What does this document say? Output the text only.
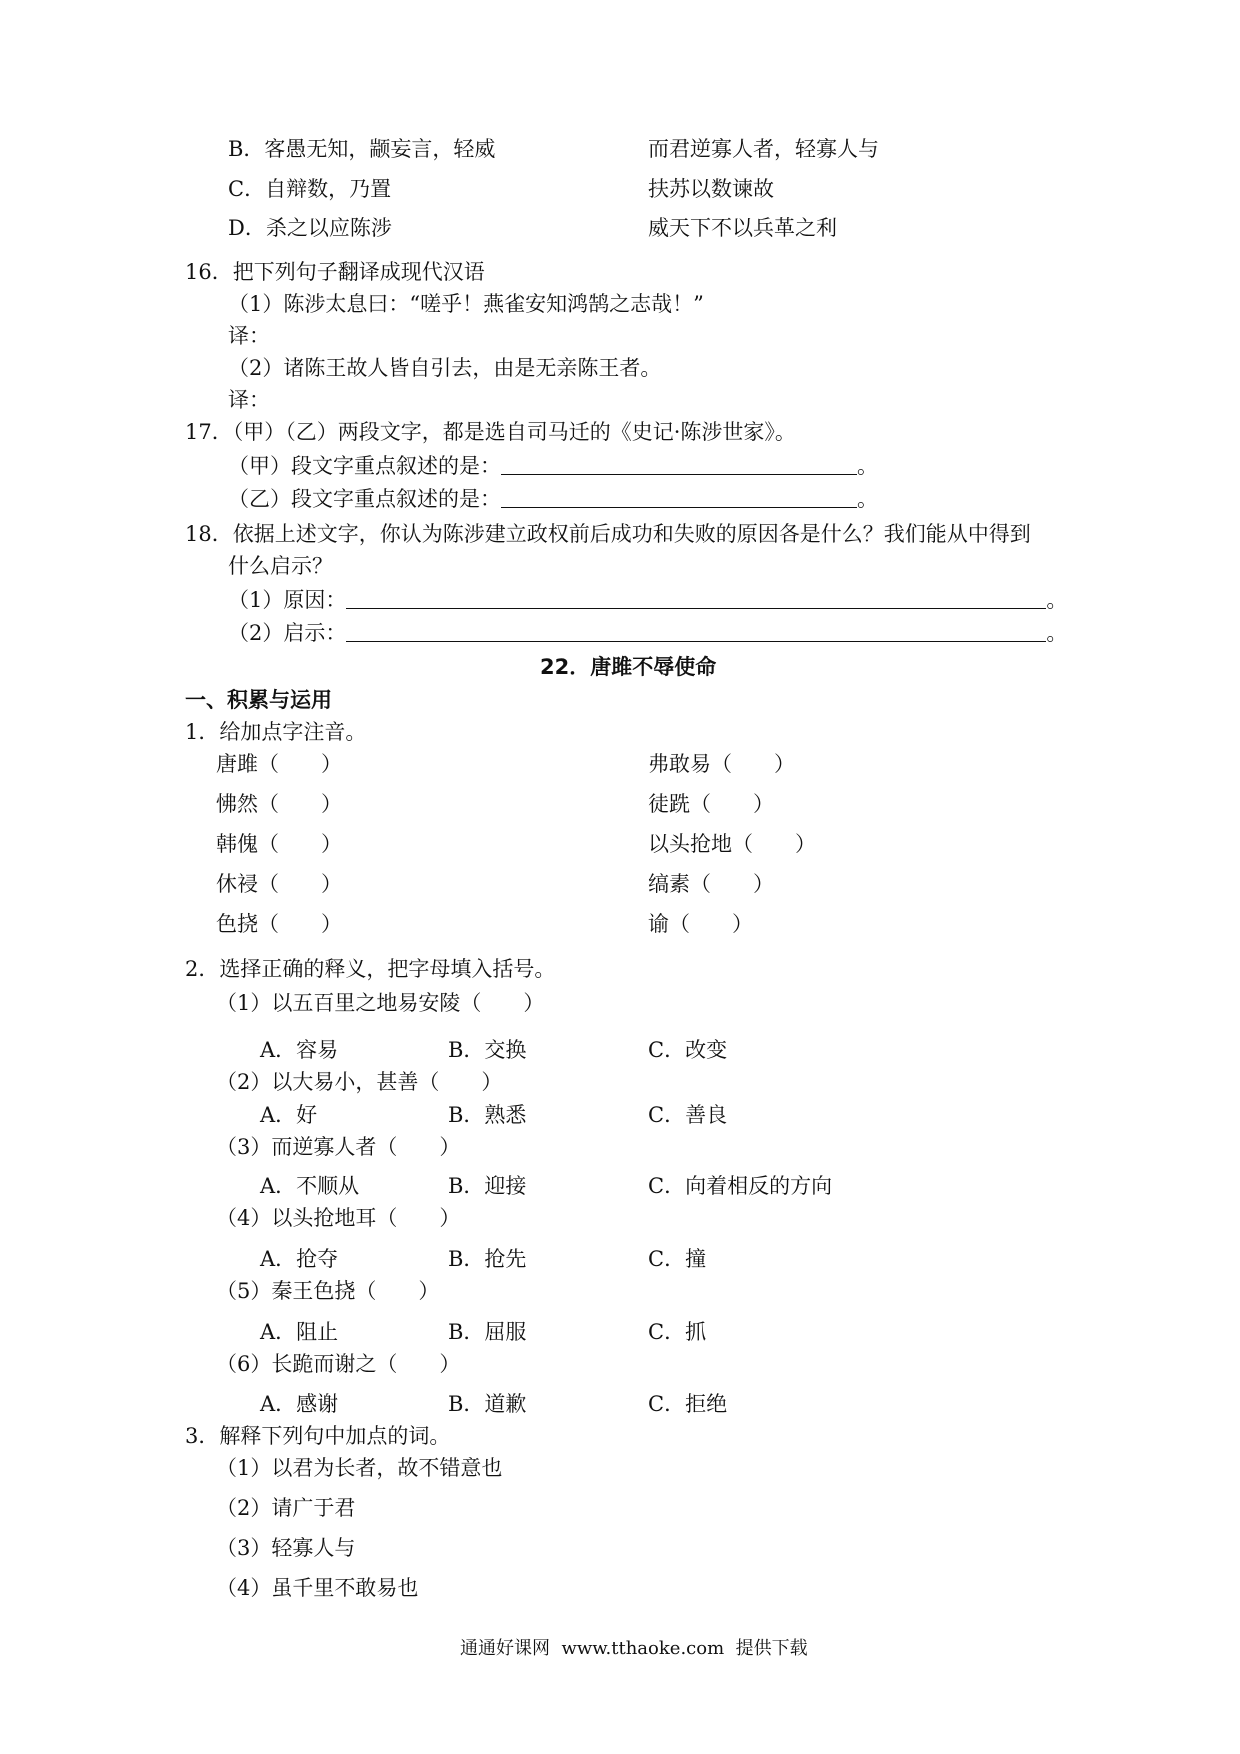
B．客愚无知，颛妄言，轻威	而君逆寡人者，轻寡人与
C．自辩数，乃置	扶苏以数谏故
D．杀之以应陈涉	威天下不以兵革之利
16．把下列句子翻译成现代汉语
（1）陈涉太息曰：“嗟乎！燕雀安知鸿鹄之志哉！”
译：
（2）诸陈王故人皆自引去，由是无亲陈王者。
译：
17．（甲）（乙）两段文字，都是选自司马迁的《史记·陈涉世家》。
（甲）段文字重点叙述的是：	。
（乙）段文字重点叙述的是：	。
18．依据上述文字，你认为陈涉建立政权前后成功和失败的原因各是什么？我们能从中得到
什么启示？
（1）原因：	。
（2）启示：	。
22．唐雎不辱使命
一、积累与运用
1．给加点字注音。
唐雎（　　）	弗敢易（　　）
怫然（　　）	徒跣（　　）
韩傀（　　）	以头抢地（　　）
休祲（　　）	缟素（　　）
色挠（　　）	谕（　　）
2．选择正确的释义，把字母填入括号。
（1）以五百里之地易安陵（　　）
A．容易	B．交换	C．改变
（2）以大易小，甚善（　　）
A．好	B．熟悉	C．善良
（3）而逆寡人者（　　）
A．不顺从	B．迎接	C．向着相反的方向
（4）以头抢地耳（　　）
A．抢夺	B．抢先	C．撞
（5）秦王色挠（　　）
A．阻止	B．屈服	C．抓
（6）长跪而谢之（　　）
A．感谢	B．道歉	C．拒绝
3．解释下列句中加点的词。
（1）以君为长者，故不错意也
（2）请广于君
（3）轻寡人与
（4）虽千里不敢易也
通通好课网  www.tthaoke.com  提供下载
